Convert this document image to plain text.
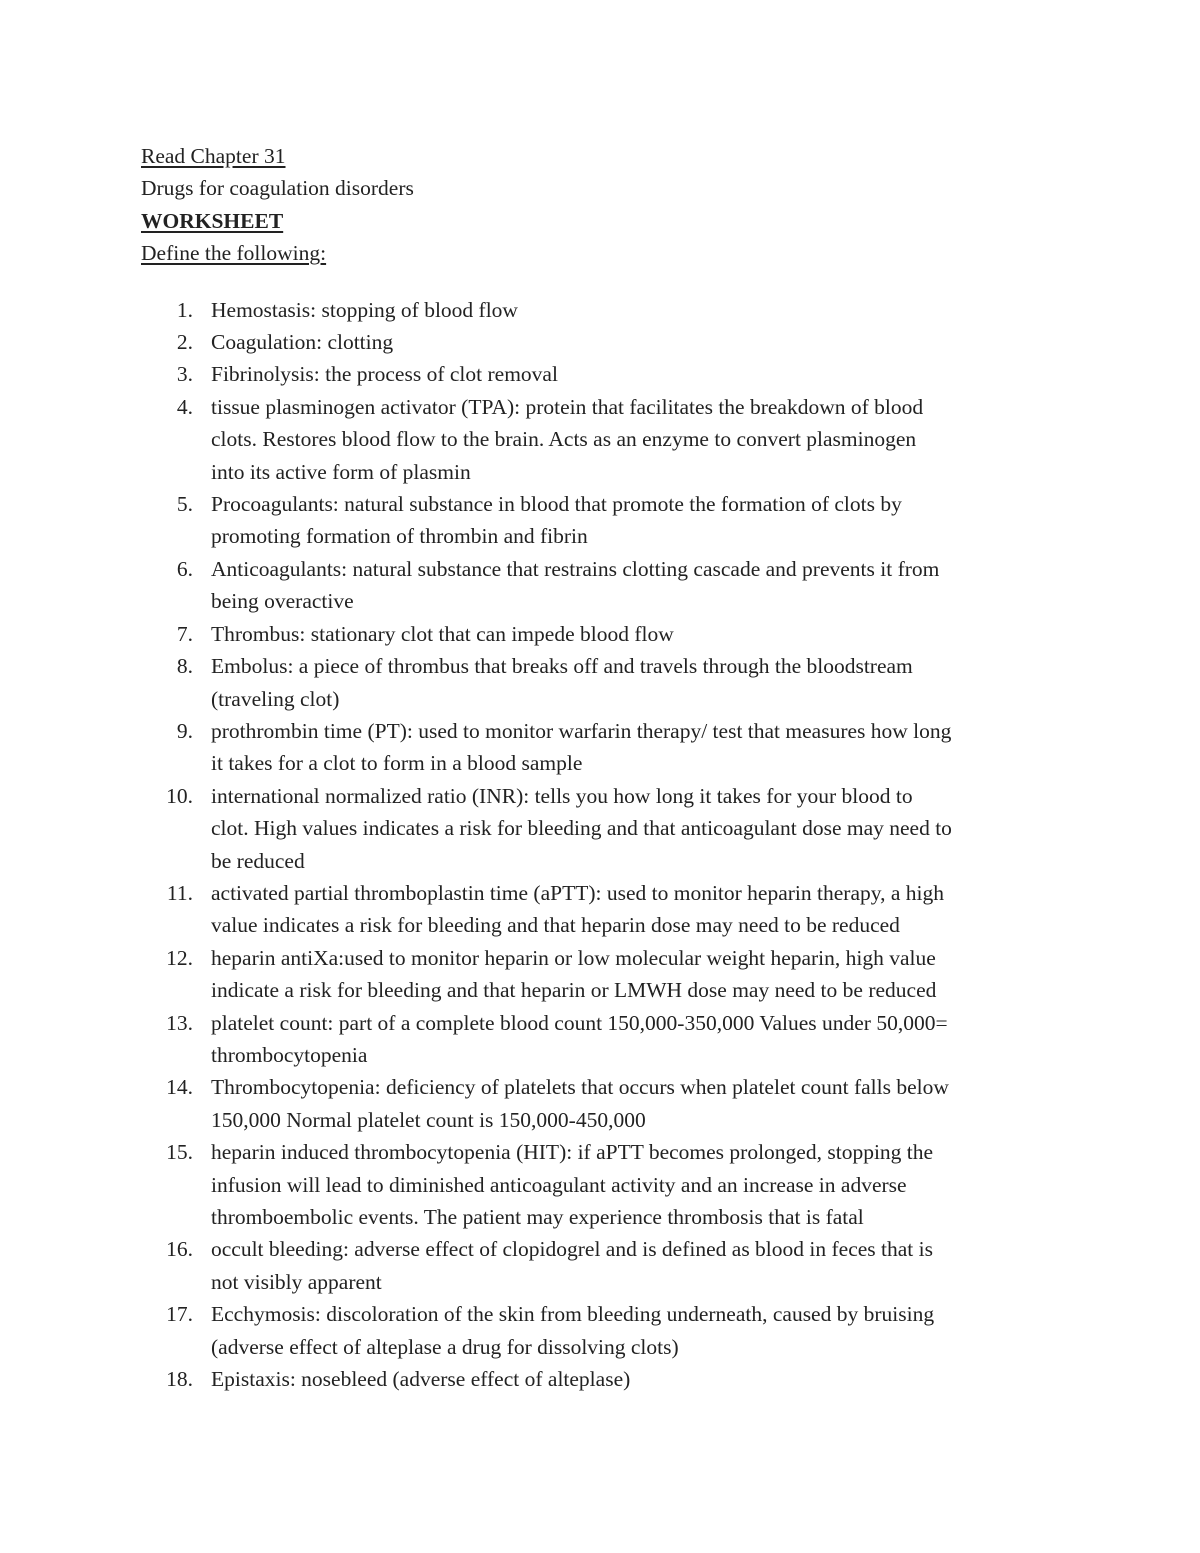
Read Chapter 31
Drugs for coagulation disorders
WORKSHEET
Define the following:
1. Hemostasis: stopping of blood flow
2. Coagulation: clotting
3. Fibrinolysis: the process of clot removal
4. tissue plasminogen activator (TPA): protein that facilitates the breakdown of blood
clots. Restores blood flow to the brain. Acts as an enzyme to convert plasminogen
into its active form of plasmin
5. Procoagulants: natural substance in blood that promote the formation of clots by
promoting formation of thrombin and fibrin
6. Anticoagulants: natural substance that restrains clotting cascade and prevents it from
being overactive
7. Thrombus: stationary clot that can impede blood flow
8. Embolus: a piece of thrombus that breaks off and travels through the bloodstream
(traveling clot)
9. prothrombin time (PT): used to monitor warfarin therapy/ test that measures how long
it takes for a clot to form in a blood sample
10. international normalized ratio (INR): tells you how long it takes for your blood to
clot. High values indicates a risk for bleeding and that anticoagulant dose may need to
be reduced
11. activated partial thromboplastin time (aPTT): used to monitor heparin therapy, a high
value indicates a risk for bleeding and that heparin dose may need to be reduced
12. heparin antiXa:used to monitor heparin or low molecular weight heparin, high value
indicate a risk for bleeding and that heparin or LMWH dose may need to be reduced
13. platelet count: part of a complete blood count 150,000-350,000 Values under 50,000=
thrombocytopenia
14. Thrombocytopenia: deficiency of platelets that occurs when platelet count falls below
150,000 Normal platelet count is 150,000-450,000
15. heparin induced thrombocytopenia (HIT): if aPTT becomes prolonged, stopping the
infusion will lead to diminished anticoagulant activity and an increase in adverse
thromboembolic events. The patient may experience thrombosis that is fatal
16. occult bleeding: adverse effect of clopidogrel and is defined as blood in feces that is
not visibly apparent
17. Ecchymosis: discoloration of the skin from bleeding underneath, caused by bruising
(adverse effect of alteplase a drug for dissolving clots)
18. Epistaxis: nosebleed (adverse effect of alteplase)
